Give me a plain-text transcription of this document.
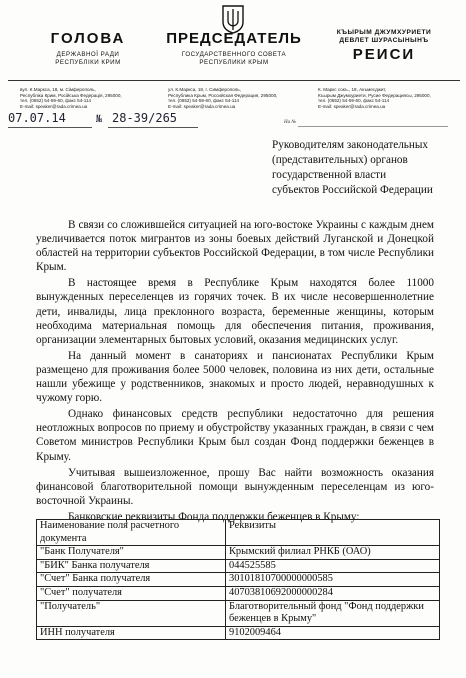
ГОЛОВА
ДЕРЖАВНОЇ РАДИ
РЕСПУБЛІКИ КРИМ
ПРЕДСЕДАТЕЛЬ
ГОСУДАРСТВЕННОГО СОВЕТА
РЕСПУБЛИКИ КРЫМ
КЪЫРЫМ ДЖУМХУРИЕТИ
ДЕВЛЕТ ШУРАСЫНЫНЪ
РЕИСИ
вул. К.Маркса, 18, м. Сімферополь,
Республіка Крим, Російська Федерація, 295000,
тел. (0652) 54-59-60, факс 54-114
E-mail: speaker@rada.crimea.ua
ул. К.Маркса, 18, г. Симферополь,
Республика Крым, Российская Федерация, 295000,
тел. (0652) 54-59-60, факс 54-114
E-mail: speaker@rada.crimea.ua
К. Маркс сокъ., 18, Акъмесджит,
Къырым Джумхуриети, Русие Федерациясы, 295000,
тел. (0652) 54-59-60, факс 54-114
E-mail: speaker@rada.crimea.ua
07.07.14	№ 28-39/265	На №
Руководителям законодательных
(представительных) органов
государственной власти
субъектов Российской Федерации

В связи со сложившейся ситуацией на юго-востоке Украины с каждым днем увеличивается поток мигрантов из зоны боевых действий Луганской и Донецкой областей на территории субъектов Российской Федерации, в том числе Республики Крым.

В настоящее время в Республике Крым находятся более 11000 вынужденных переселенцев из горячих точек. В их числе несовершеннолетние дети, инвалиды, лица преклонного возраста, беременные женщины, которым необходима материальная помощь для обеспечения питания, проживания, организации элементарных бытовых условий, оказания медицинских услуг.

На данный момент в санаториях и пансионатах Республики Крым размещено для проживания более 5000 человек, половина из них дети, остальные нашли убежище у родственников, знакомых и просто людей, неравнодушных к чужому горю.

Однако финансовых средств республики недостаточно для решения неотложных вопросов по приему и обустройству указанных граждан, в связи с чем Советом министров Республики Крым был создан Фонд поддержки беженцев в Крыму.

Учитывая вышеизложенное, прошу Вас найти возможность оказания финансовой благотворительной помощи вынужденным переселенцам из юго-восточной Украины.

Банковские реквизиты Фонда поддержки беженцев в Крыму:

Наименование поля расчетного документа	Реквизиты
"Банк Получателя"	Крымский филиал РНКБ (ОАО)
"БИК" Банка получателя	044525585
"Счет" Банка получателя	30101810700000000585
"Счет" получателя	40703810692000000284
"Получатель"	Благотворительный фонд "Фонд поддержки беженцев в Крыму"
ИНН получателя	9102009464
